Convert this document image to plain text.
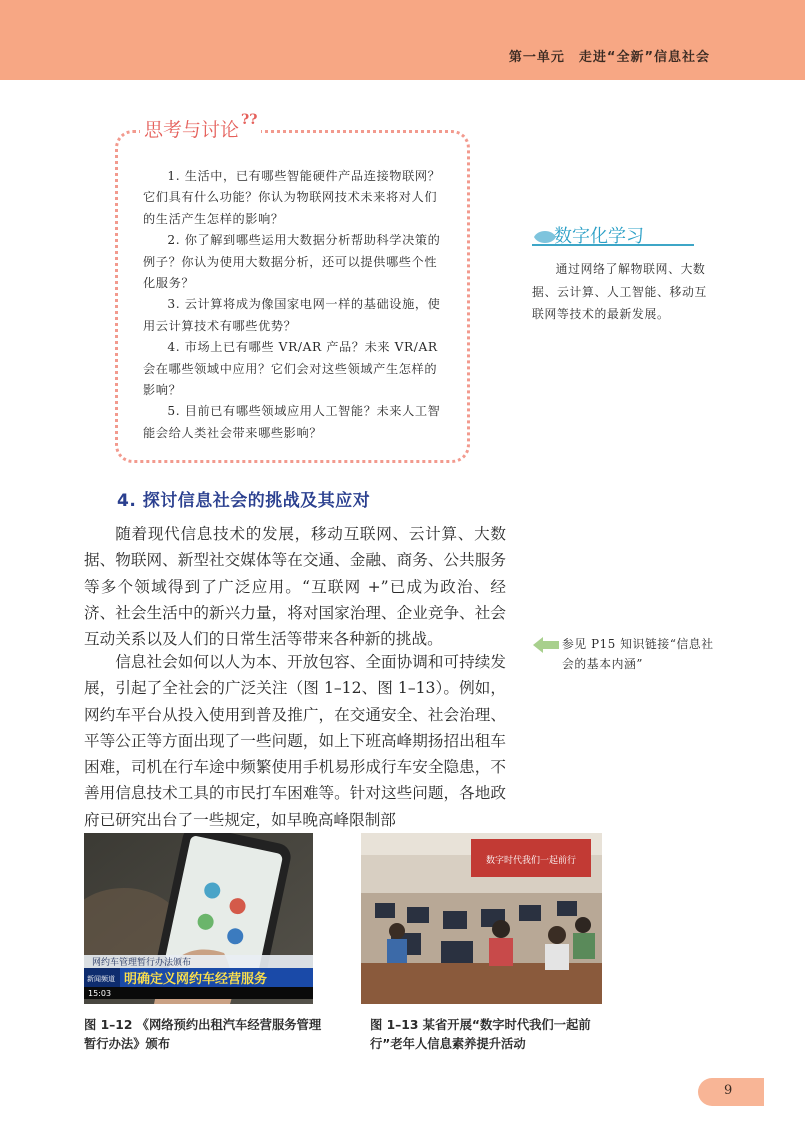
第一单元　走进“全新”信息社会
思考与讨论 ??

1. 生活中，已有哪些智能硬件产品连接物联网？它们具有什么功能？你认为物联网技术未来将对人们的生活产生怎样的影响？

2. 你了解到哪些运用大数据分析帮助科学决策的例子？你认为使用大数据分析，还可以提供哪些个性化服务？

3. 云计算将成为像国家电网一样的基础设施，使用云计算技术有哪些优势？

4. 市场上已有哪些 VR/AR 产品？未来 VR/AR 会在哪些领域中应用？它们会对这些领域产生怎样的影响？

5. 目前已有哪些领域应用人工智能？未来人工智能会给人类社会带来哪些影响？

数字化学习
通过网络了解物联网、大数据、云计算、人工智能、移动互联网等技术的最新发展。
4. 探讨信息社会的挑战及其应对

随着现代信息技术的发展，移动互联网、云计算、大数据、物联网、新型社交媒体等在交通、金融、商务、公共服务等多个领域得到了广泛应用。“互联网 +”已成为政治、经济、社会生活中的新兴力量，将对国家治理、企业竞争、社会互动关系以及人们的日常生活等带来各种新的挑战。

信息社会如何以人为本、开放包容、全面协调和可持续发展，引起了全社会的广泛关注（图 1–12、图 1–13）。例如，网约车平台从投入使用到普及推广，在交通安全、社会治理、平等公正等方面出现了一些问题，如上下班高峰期扬招出租车困难，司机在行车途中频繁使用手机易形成行车安全隐患，不善用信息技术工具的市民打车困难等。针对这些问题，各地政府已研究出台了一些规定，如早晚高峰限制部

参见 P15 知识链接“信息社会的基本内涵”
网约车管理暂行办法颁布
新闻频道 明确定义网约车经营服务
15:03
数字时代我们一起前行
图 1–12 《网络预约出租汽车经营服务管理暂行办法》颁布
图 1–13 某省开展“数字时代我们一起前行”老年人信息素养提升活动
9
